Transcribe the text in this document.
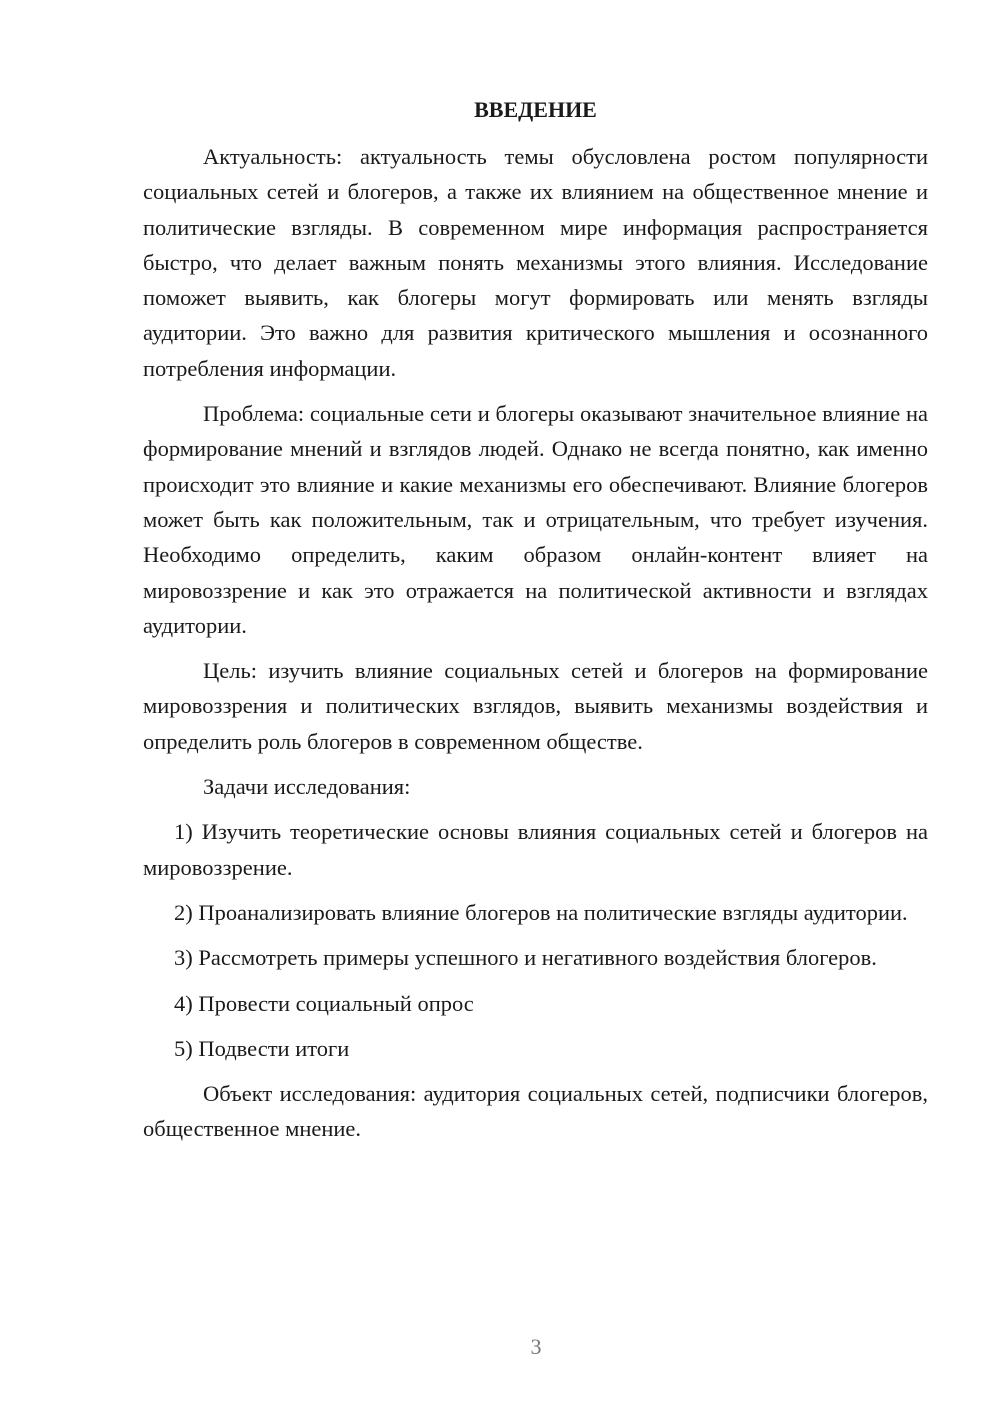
ВВЕДЕНИЕ

Актуальность: актуальность темы обусловлена ростом популярности социальных сетей и блогеров, а также их влиянием на общественное мнение и политические взгляды. В современном мире информация распространяется быстро, что делает важным понять механизмы этого влияния. Исследование поможет выявить, как блогеры могут формировать или менять взгляды аудитории. Это важно для развития критического мышления и осознанного потребления информации.

Проблема: социальные сети и блогеры оказывают значительное влияние на формирование мнений и взглядов людей. Однако не всегда понятно, как именно происходит это влияние и какие механизмы его обеспечивают. Влияние блогеров может быть как положительным, так и отрицательным, что требует изучения. Необходимо определить, каким образом онлайн-контент влияет на мировоззрение и как это отражается на политической активности и взглядах аудитории.

Цель: изучить влияние социальных сетей и блогеров на формирование мировоззрения и политических взглядов, выявить механизмы воздействия и определить роль блогеров в современном обществе.

Задачи исследования:

1) Изучить теоретические основы влияния социальных сетей и блогеров на мировоззрение.

2) Проанализировать влияние блогеров на политические взгляды аудитории.

3) Рассмотреть примеры успешного и негативного воздействия блогеров.

4) Провести социальный опрос

5) Подвести итоги

Объект исследования: аудитория социальных сетей, подписчики блогеров, общественное мнение.

3
